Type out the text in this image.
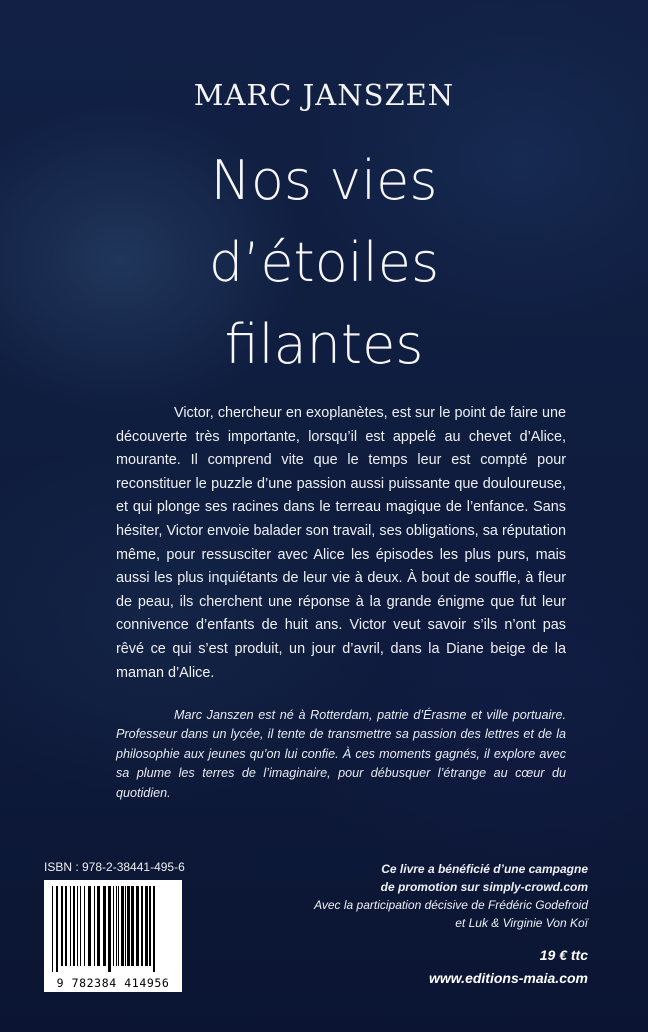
MARC JANSZEN
Nos vies
d’étoiles
filantes

Victor, chercheur en exoplanètes, est sur le point de faire une découverte très importante, lorsqu’il est appelé au chevet d’Alice, mourante. Il comprend vite que le temps leur est compté pour reconstituer le puzzle d’une passion aussi puissante que douloureuse, et qui plonge ses racines dans le terreau magique de l’enfance. Sans hésiter, Victor envoie balader son travail, ses obligations, sa réputation même, pour ressusciter avec Alice les épisodes les plus purs, mais aussi les plus inquiétants de leur vie à deux. À bout de souffle, à fleur de peau, ils cherchent une réponse à la grande énigme que fut leur connivence d’enfants de huit ans. Victor veut savoir s’ils n’ont pas rêvé ce qui s’est produit, un jour d’avril, dans la Diane beige de la maman d’Alice.

Marc Janszen est né à Rotterdam, patrie d’Érasme et ville portuaire. Professeur dans un lycée, il tente de transmettre sa passion des lettres et de la philosophie aux jeunes qu’on lui confie. À ces moments gagnés, il explore avec sa plume les terres de l’imaginaire, pour débusquer l’étrange au cœur du quotidien.

ISBN : 978-2-38441-495-6
9 782384 414956
Ce livre a bénéficié d’une campagne
de promotion sur simply-crowd.com
Avec la participation décisive de Frédéric Godefroid
et Luk & Virginie Von Koï
19 € ttc
www.editions-maia.com
